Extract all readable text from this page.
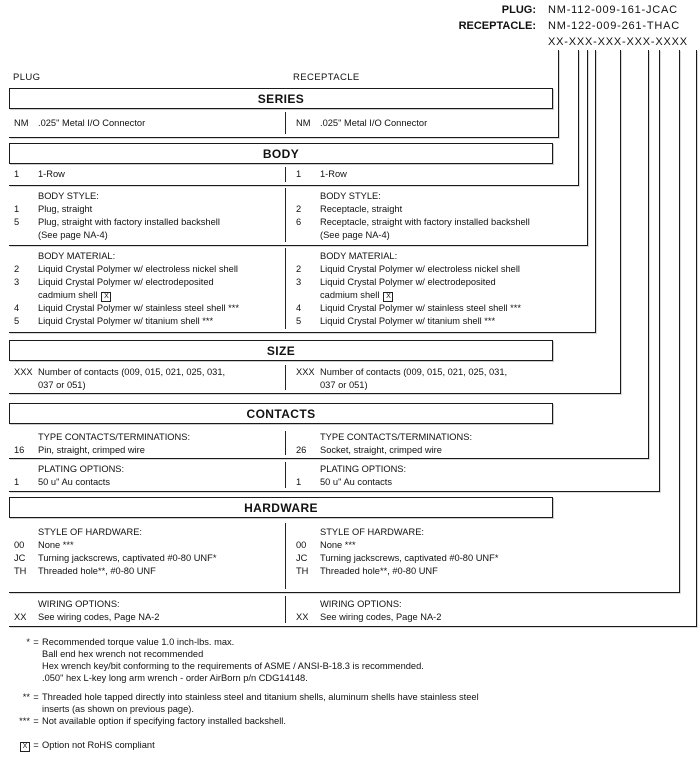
PLUG: NM-112-009-161-JCAC
RECEPTACLE: NM-122-009-261-THAC
XX-XXX-XXX-XXX-XXXX
PLUG	RECEPTACLE
SERIES
BODY
SIZE
CONTACTS
HARDWARE
NM	.025" Metal I/O Connector	NM	.025" Metal I/O Connector
1	1-Row	1	1-Row
BODY STYLE:
1	Plug, straight
5	Plug, straight with factory installed backshell
(See page NA-4)
BODY STYLE:
2	Receptacle, straight
6	Receptacle, straight with factory installed backshell
(See page NA-4)
BODY MATERIAL:
2	Liquid Crystal Polymer w/ electroless nickel shell
3	Liquid Crystal Polymer w/ electrodeposited
cadmium shell X
4	Liquid Crystal Polymer w/ stainless steel shell ***
5	Liquid Crystal Polymer w/ titanium shell ***
BODY MATERIAL:
2	Liquid Crystal Polymer w/ electroless nickel shell
3	Liquid Crystal Polymer w/ electrodeposited
cadmium shell X
4	Liquid Crystal Polymer w/ stainless steel shell ***
5	Liquid Crystal Polymer w/ titanium shell ***
XXX Number of contacts (009, 015, 021, 025, 031,
037 or 051)
XXX Number of contacts (009, 015, 021, 025, 031,
037 or 051)
TYPE CONTACTS/TERMINATIONS:
16	Pin, straight, crimped wire
TYPE CONTACTS/TERMINATIONS:
26	Socket, straight, crimped wire
PLATING OPTIONS:
1	50 u" Au contacts
PLATING OPTIONS:
1	50 u" Au contacts
STYLE OF HARDWARE:
00	None ***
JC	Turning jackscrews, captivated #0-80 UNF*
TH	Threaded hole**, #0-80 UNF
STYLE OF HARDWARE:
00	None ***
JC	Turning jackscrews, captivated #0-80 UNF*
TH	Threaded hole**, #0-80 UNF
WIRING OPTIONS:
XX	See wiring codes, Page NA-2
WIRING OPTIONS:
XX	See wiring codes, Page NA-2
* = Recommended torque value 1.0 inch-lbs. max.
Ball end hex wrench not recommended
Hex wrench key/bit conforming to the requirements of ASME / ANSI-B-18.3 is recommended.
.050" hex L-key long arm wrench - order AirBorn p/n CDG14148.
** = Threaded hole tapped directly into stainless steel and titanium shells, aluminum shells have stainless steel
inserts (as shown on previous page).
*** = Not available option if specifying factory installed backshell.
X = Option not RoHS compliant
